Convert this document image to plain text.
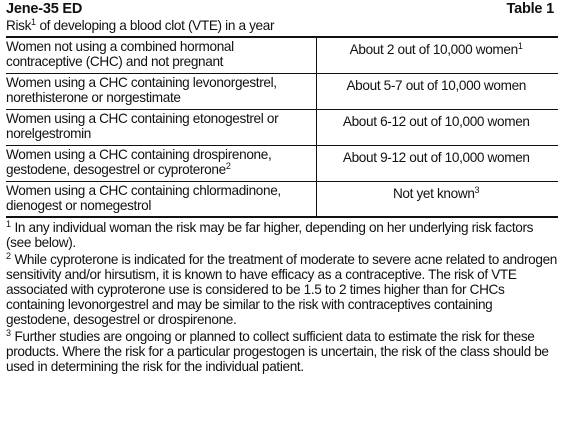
Jene-35 ED	Table 1
Risk$^1$ of developing a blood clot (VTE) in a year
Women not using a combined hormonal contraceptive (CHC) and not pregnant	About 2 out of 10,000 women$^1$
Women using a CHC containing levonorgestrel, norethisterone or norgestimate	About 5-7 out of 10,000 women
Women using a CHC containing etonogestrel or norelgestromin	About 6-12 out of 10,000 women
Women using a CHC containing drospirenone, gestodene, desogestrel or cyproterone$^2$	About 9-12 out of 10,000 women
Women using a CHC containing chlormadinone, dienogest or nomegestrol	Not yet known$^3$

$^1$ In any individual woman the risk may be far higher, depending on her underlying risk factors (see below).

$^2$ While cyproterone is indicated for the treatment of moderate to severe acne related to androgen sensitivity and/or hirsutism, it is known to have efficacy as a contraceptive. The risk of VTE associated with cyproterone use is considered to be 1.5 to 2 times higher than for CHCs containing levonorgestrel and may be similar to the risk with contraceptives containing gestodene, desogestrel or drospirenone.

$^3$ Further studies are ongoing or planned to collect sufficient data to estimate the risk for these products. Where the risk for a particular progestogen is uncertain, the risk of the class should be used in determining the risk for the individual patient.
